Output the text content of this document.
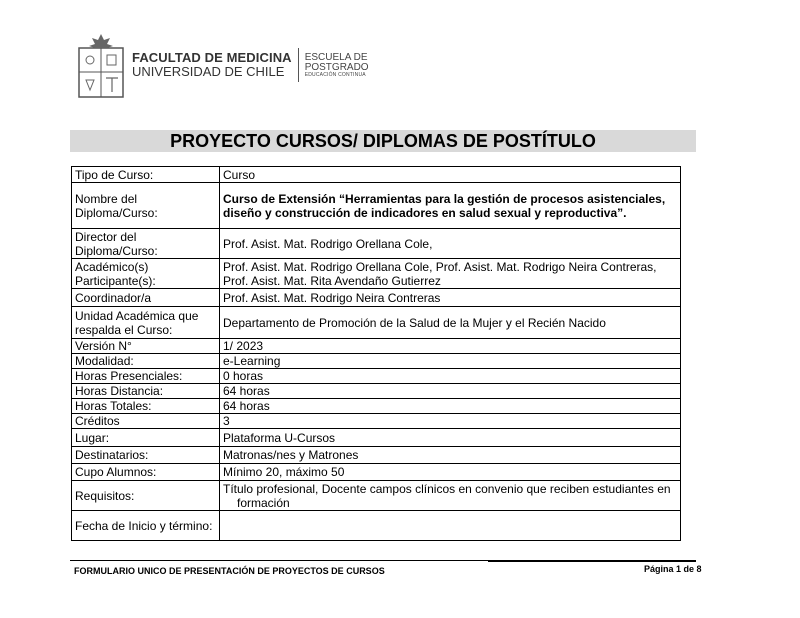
FACULTAD DE MEDICINA
UNIVERSIDAD DE CHILE
ESCUELA DE
POSTGRADO
EDUCACIÓN CONTINUA
PROYECTO CURSOS/ DIPLOMAS DE POSTÍTULO
Tipo de Curso:	Curso
Nombre del Diploma/Curso:	Curso de Extensión “Herramientas para la gestión de procesos asistenciales, diseño y construcción de indicadores en salud sexual y reproductiva”.
Director del Diploma/Curso:	Prof. Asist. Mat. Rodrigo Orellana Cole,
Académico(s) Participante(s):	Prof. Asist. Mat. Rodrigo Orellana Cole, Prof. Asist. Mat. Rodrigo Neira Contreras, Prof. Asist. Mat. Rita Avendaño Gutierrez
Coordinador/a	Prof. Asist. Mat. Rodrigo Neira Contreras
Unidad Académica que respalda el Curso:	Departamento de Promoción de la Salud de la Mujer y el Recién Nacido
Versión N°	1/ 2023
Modalidad:	e-Learning
Horas Presenciales:	0 horas
Horas Distancia:	64 horas
Horas Totales:	64 horas
Créditos	3
Lugar:	Plataforma U-Cursos
Destinatarios:	Matronas/nes y Matrones
Cupo Alumnos:	Mínimo 20, máximo 50
Requisitos:	Título profesional, Docente campos clínicos en convenio que reciben estudiantes en
formación
Fecha de Inicio y término:	
FORMULARIO UNICO DE PRESENTACIÓN DE PROYECTOS DE CURSOS	Página 1 de 8
